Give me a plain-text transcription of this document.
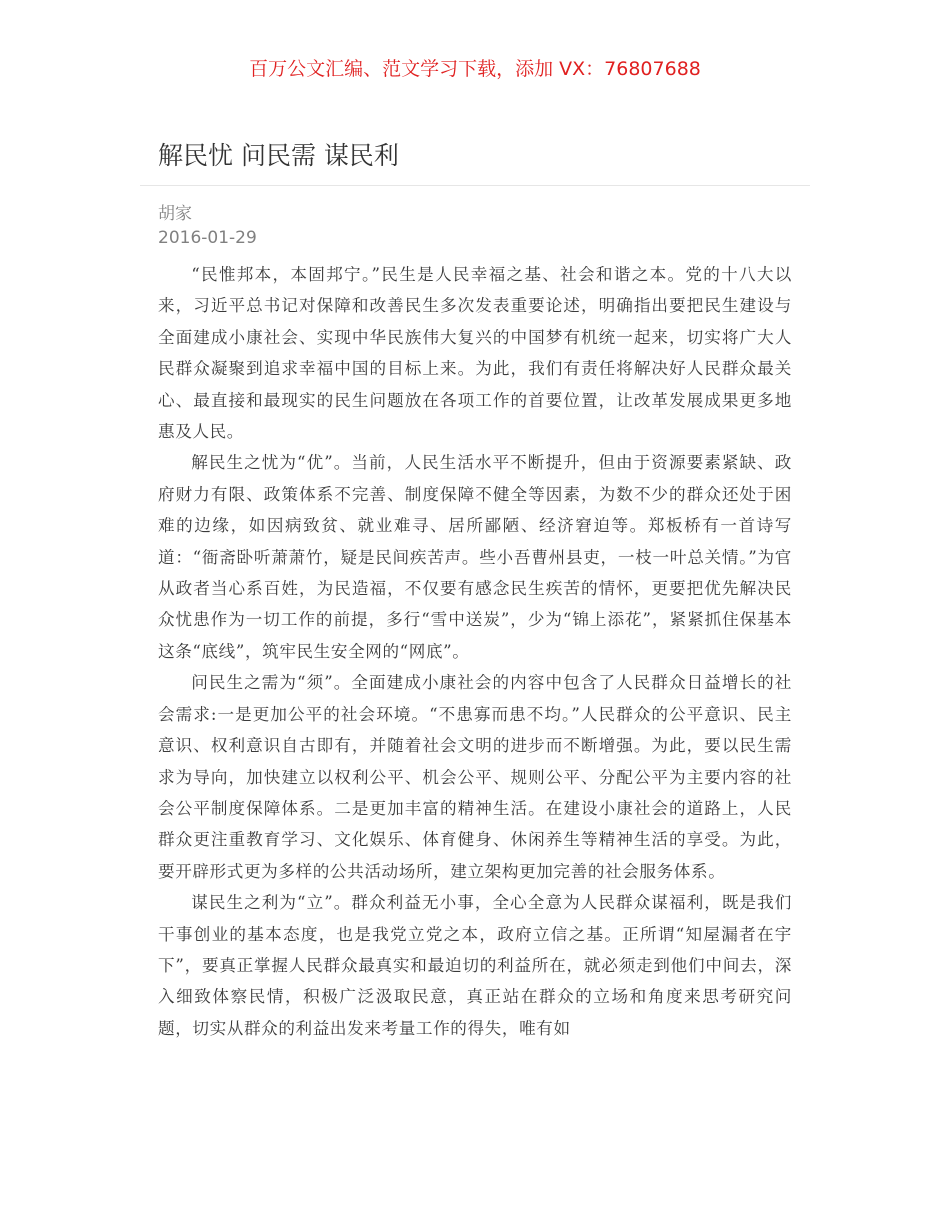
百万公文汇编、范文学习下载，添加 VX：76807688
解民忧 问民需 谋民利
胡家
2016-01-29

“民惟邦本，本固邦宁。”民生是人民幸福之基、社会和谐之本。党的十八大以来，习近平总书记对保障和改善民生多次发表重要论述，明确指出要把民生建设与全面建成小康社会、实现中华民族伟大复兴的中国梦有机统一起来，切实将广大人民群众凝聚到追求幸福中国的目标上来。为此，我们有责任将解决好人民群众最关心、最直接和最现实的民生问题放在各项工作的首要位置，让改革发展成果更多地惠及人民。

解民生之忧为“优”。当前，人民生活水平不断提升，但由于资源要素紧缺、政府财力有限、政策体系不完善、制度保障不健全等因素，为数不少的群众还处于困难的边缘，如因病致贫、就业难寻、居所鄙陋、经济窘迫等。郑板桥有一首诗写道：“衙斋卧听萧萧竹，疑是民间疾苦声。些小吾曹州县吏，一枝一叶总关情。”为官从政者当心系百姓，为民造福，不仅要有感念民生疾苦的情怀，更要把优先解决民众忧患作为一切工作的前提，多行“雪中送炭”，少为“锦上添花”，紧紧抓住保基本这条“底线”，筑牢民生安全网的“网底”。

问民生之需为“须”。全面建成小康社会的内容中包含了人民群众日益增长的社会需求:一是更加公平的社会环境。“不患寡而患不均。”人民群众的公平意识、民主意识、权利意识自古即有，并随着社会文明的进步而不断增强。为此，要以民生需求为导向，加快建立以权利公平、机会公平、规则公平、分配公平为主要内容的社会公平制度保障体系。二是更加丰富的精神生活。在建设小康社会的道路上，人民群众更注重教育学习、文化娱乐、体育健身、休闲养生等精神生活的享受。为此，要开辟形式更为多样的公共活动场所，建立架构更加完善的社会服务体系。

谋民生之利为“立”。群众利益无小事，全心全意为人民群众谋福利，既是我们干事创业的基本态度，也是我党立党之本，政府立信之基。正所谓“知屋漏者在宇下”，要真正掌握人民群众最真实和最迫切的利益所在，就必须走到他们中间去，深入细致体察民情，积极广泛汲取民意，真正站在群众的立场和角度来思考研究问题，切实从群众的利益出发来考量工作的得失，唯有如
